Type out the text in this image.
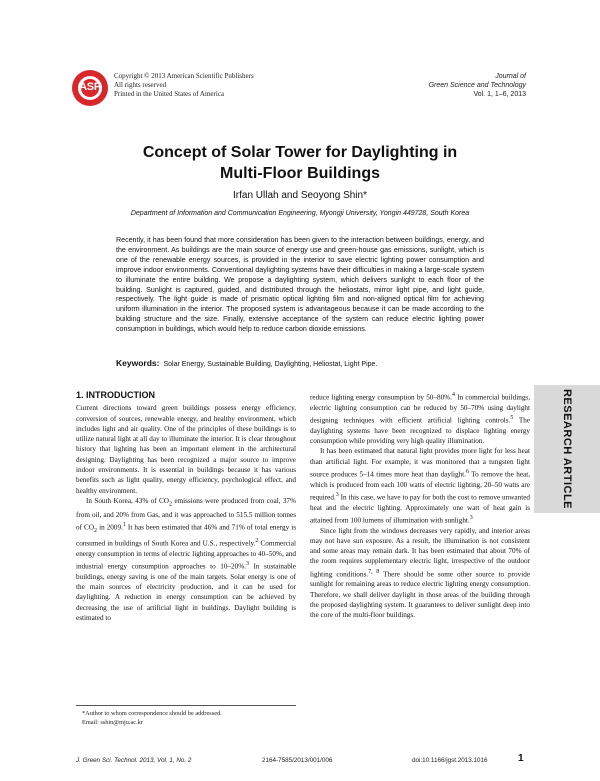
ASP
Copyright © 2013 American Scientific Publishers
All rights reserved
Printed in the United States of America
Journal of
Green Science and Technology
Vol. 1, 1–6, 2013
Concept of Solar Tower for Daylighting in
Multi-Floor Buildings
Irfan Ullah and Seoyong Shin*
Department of Information and Communication Engineering, Myongji University, Yongin 449728, South Korea
Recently, it has been found that more consideration has been given to the interaction between buildings, energy, and the environment. As buildings are the main source of energy use and green-house gas emissions, sunlight, which is one of the renewable energy sources, is provided in the interior to save electric lighting power consumption and improve indoor environments. Conventional daylighting systems have their difficulties in making a large-scale system to illuminate the entire building. We propose a daylighting system, which delivers sunlight to each floor of the building. Sunlight is captured, guided, and distributed through the heliostats, mirror light pipe, and light guide, respectively. The light guide is made of prismatic optical lighting film and non-aligned optical film for achieving uniform illumination in the interior. The proposed system is advantageous because it can be made according to the building structure and the size. Finally, extensive acceptance of the system can reduce electric lighting power consumption in buildings, which would help to reduce carbon dioxide emissions.
Keywords: Solar Energy, Sustainable Building, Daylighting, Heliostat, Light Pipe.
1. INTRODUCTION

Current directions toward green buildings possess energy efficiency, conversion of sources, renewable energy, and healthy environment, which includes light and air quality. One of the principles of these buildings is to utilize natural light at all day to illuminate the interior. It is clear throughout history that lighting has been an important element in the architectural designing. Daylighting has been recognized a major source to improve indoor environments. It is essential in buildings because it has various benefits such as light quality, energy efficiency, psychological effect, and healthy environment.

In South Korea, 43% of $CO_2$ emissions were produced from coal, 37% from oil, and 20% from Gas, and it was approached to 515.5 million tonnes of $CO_2$ in 2009.$^1$ It has been estimated that 46% and 71% of total energy is consumed in buildings of South Korea and U.S., respectively.$^2$ Commercial energy consumption in terms of electric lighting approaches to 40–50%, and industrial energy consumption approaches to 10–20%.$^3$ In sustainable buildings, energy saving is one of the main targets. Solar energy is one of the main sources of electricity production, and it can be used for daylighting. A reduction in energy consumption can be achieved by decreasing the use of artificial light in buildings. Daylight building is estimated to

reduce lighting energy consumption by 50–80%.$^4$ In commercial buildings, electric lighting consumption can be reduced by 50–70% using daylight designing techniques with efficient artificial lighting controls.$^5$ The daylighting systems have been recognized to displace lighting energy consumption while providing very high quality illumination.

It has been estimated that natural light provides more light for less heat than artificial light. For example, it was monitored that a tungsten light source produces 5–14 times more heat than daylight.$^6$ To remove the heat, which is produced from each 100 watts of electric lighting, 20–50 watts are required.$^3$ In this case, we have to pay for both the cost to remove unwanted heat and the electric lighting. Approximately one watt of heat gain is attained from 100 lumens of illumination with sunlight.$^3$

Since light from the windows decreases very rapidly, and interior areas may not have sun exposure. As a result, the illumination is not consistent and some areas may remain dark. It has been estimated that about 70% of the room requires supplementary electric light, irrespective of the outdoor lighting conditions.$^{7, 8}$ There should be some other source to provide sunlight for remaining areas to reduce electric lighting energy consumption. Therefore, we shall deliver daylight in those areas of the building through the proposed daylighting system. It guarantees to deliver sunlight deep into the core of the multi-floor buildings.

*Author to whom correspondence should be addressed.
Email: sshin@mju.ac.kr
J. Green Sci. Technol. 2013, Vol. 1, No. 2	2164-7585/2013/001/006	doi:10.1166/jgst.2013.1016	1
RESEARCH ARTICLE
